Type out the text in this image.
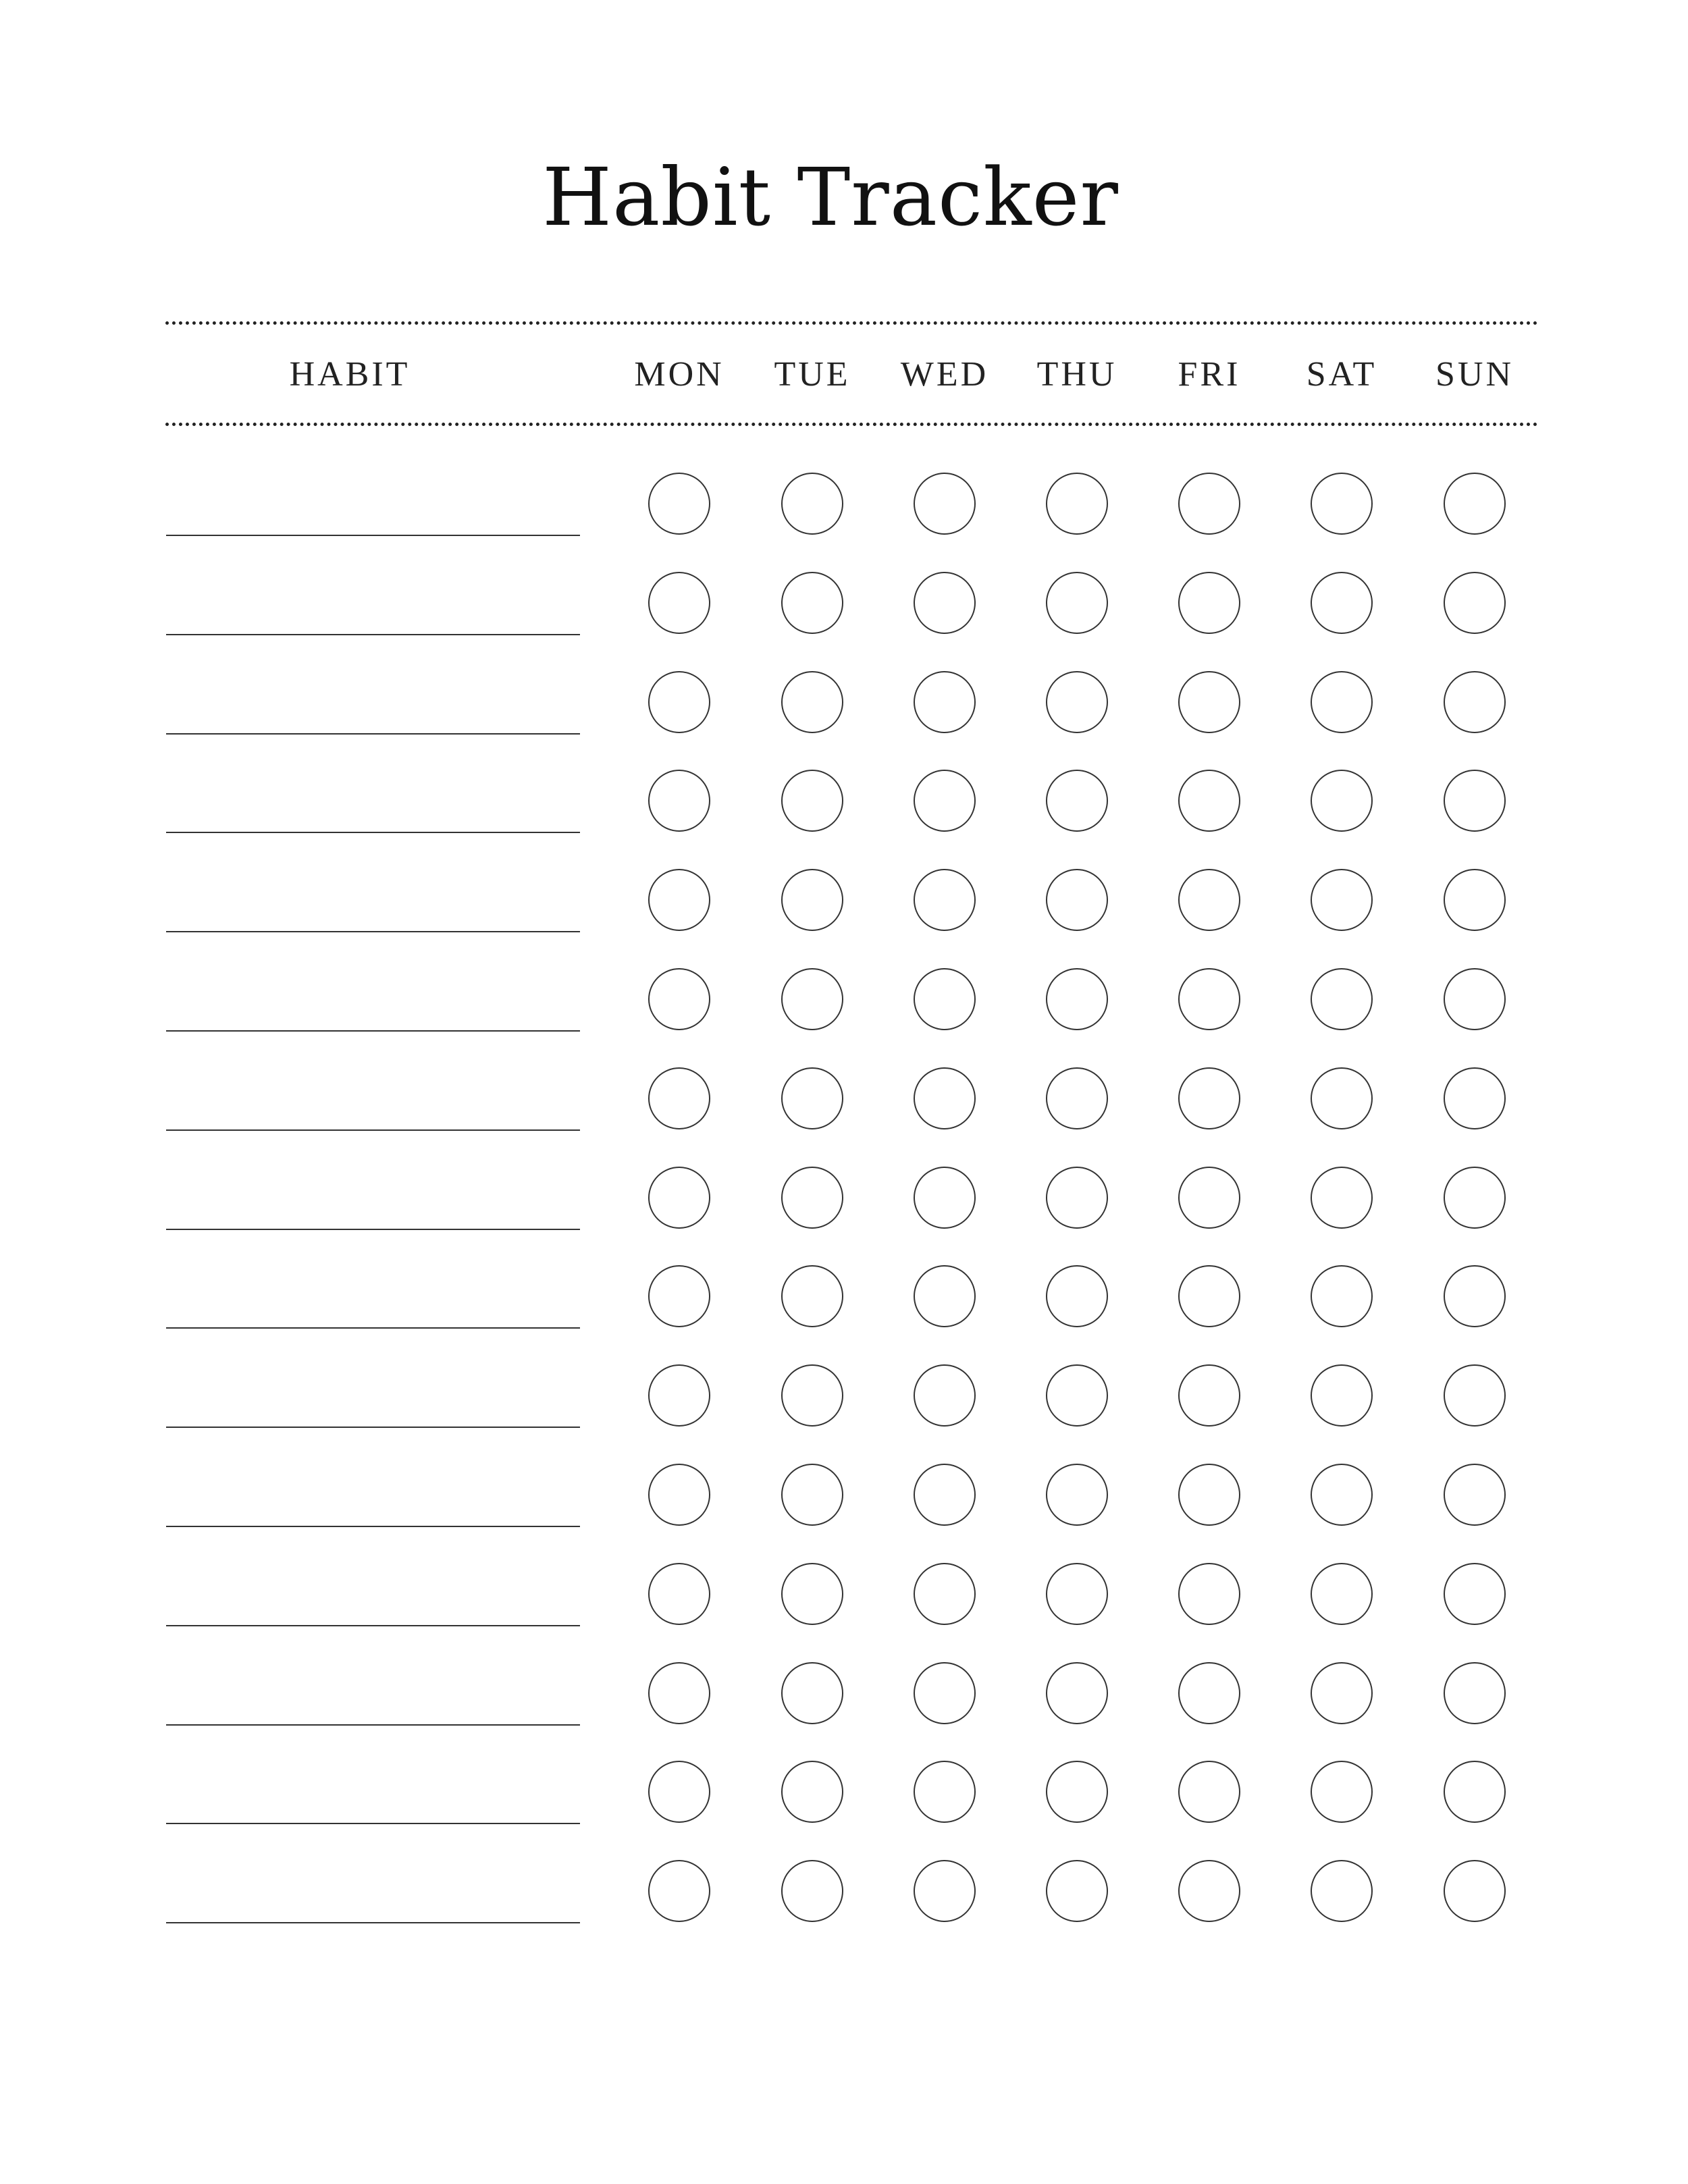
Habit Tracker
HABIT	MON TUE WED THU FRI SAT SUN
